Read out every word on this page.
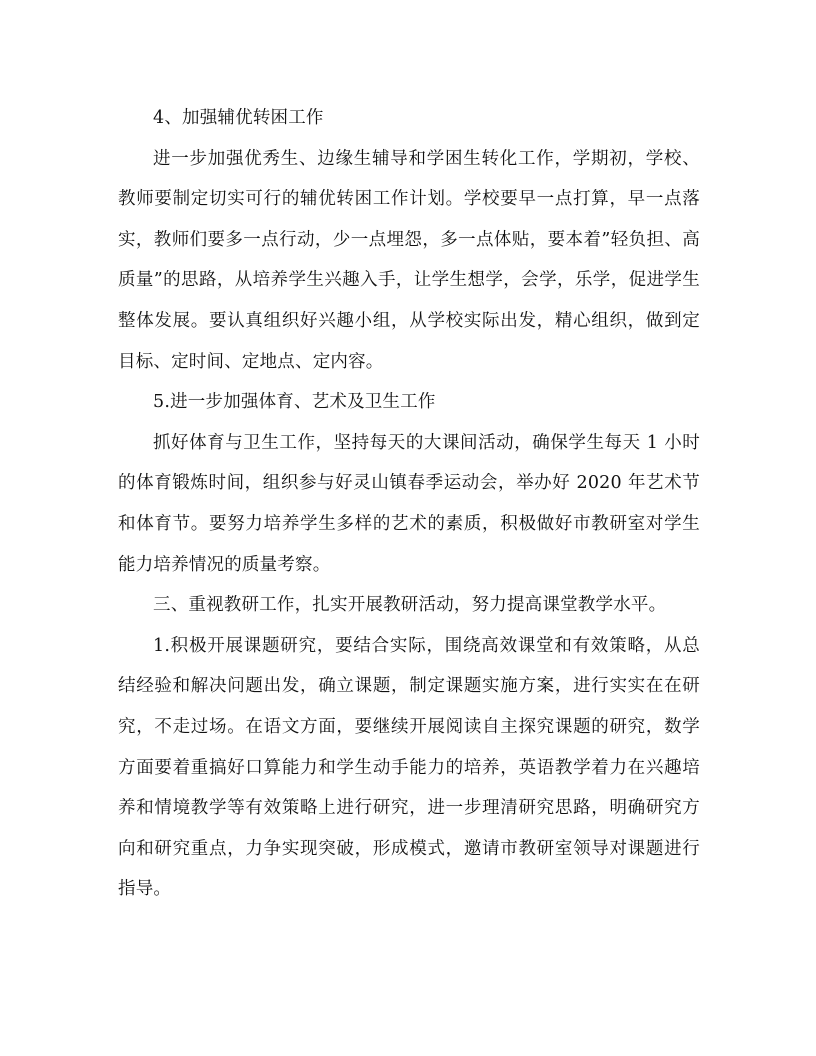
4、加强辅优转困工作

进一步加强优秀生、边缘生辅导和学困生转化工作，学期初，学校、教师要制定切实可行的辅优转困工作计划。学校要早一点打算，早一点落实，教师们要多一点行动，少一点埋怨，多一点体贴，要本着”轻负担、高质量”的思路，从培养学生兴趣入手，让学生想学，会学，乐学，促进学生整体发展。要认真组织好兴趣小组，从学校实际出发，精心组织，做到定目标、定时间、定地点、定内容。

5.进一步加强体育、艺术及卫生工作

抓好体育与卫生工作，坚持每天的大课间活动，确保学生每天 1 小时的体育锻炼时间，组织参与好灵山镇春季运动会，举办好 2020 年艺术节和体育节。要努力培养学生多样的艺术的素质，积极做好市教研室对学生能力培养情况的质量考察。

三、重视教研工作，扎实开展教研活动，努力提高课堂教学水平。

1.积极开展课题研究，要结合实际，围绕高效课堂和有效策略，从总结经验和解决问题出发，确立课题，制定课题实施方案，进行实实在在研究，不走过场。在语文方面，要继续开展阅读自主探究课题的研究，数学方面要着重搞好口算能力和学生动手能力的培养，英语教学着力在兴趣培养和情境教学等有效策略上进行研究，进一步理清研究思路，明确研究方向和研究重点，力争实现突破，形成模式，邀请市教研室领导对课题进行指导。
